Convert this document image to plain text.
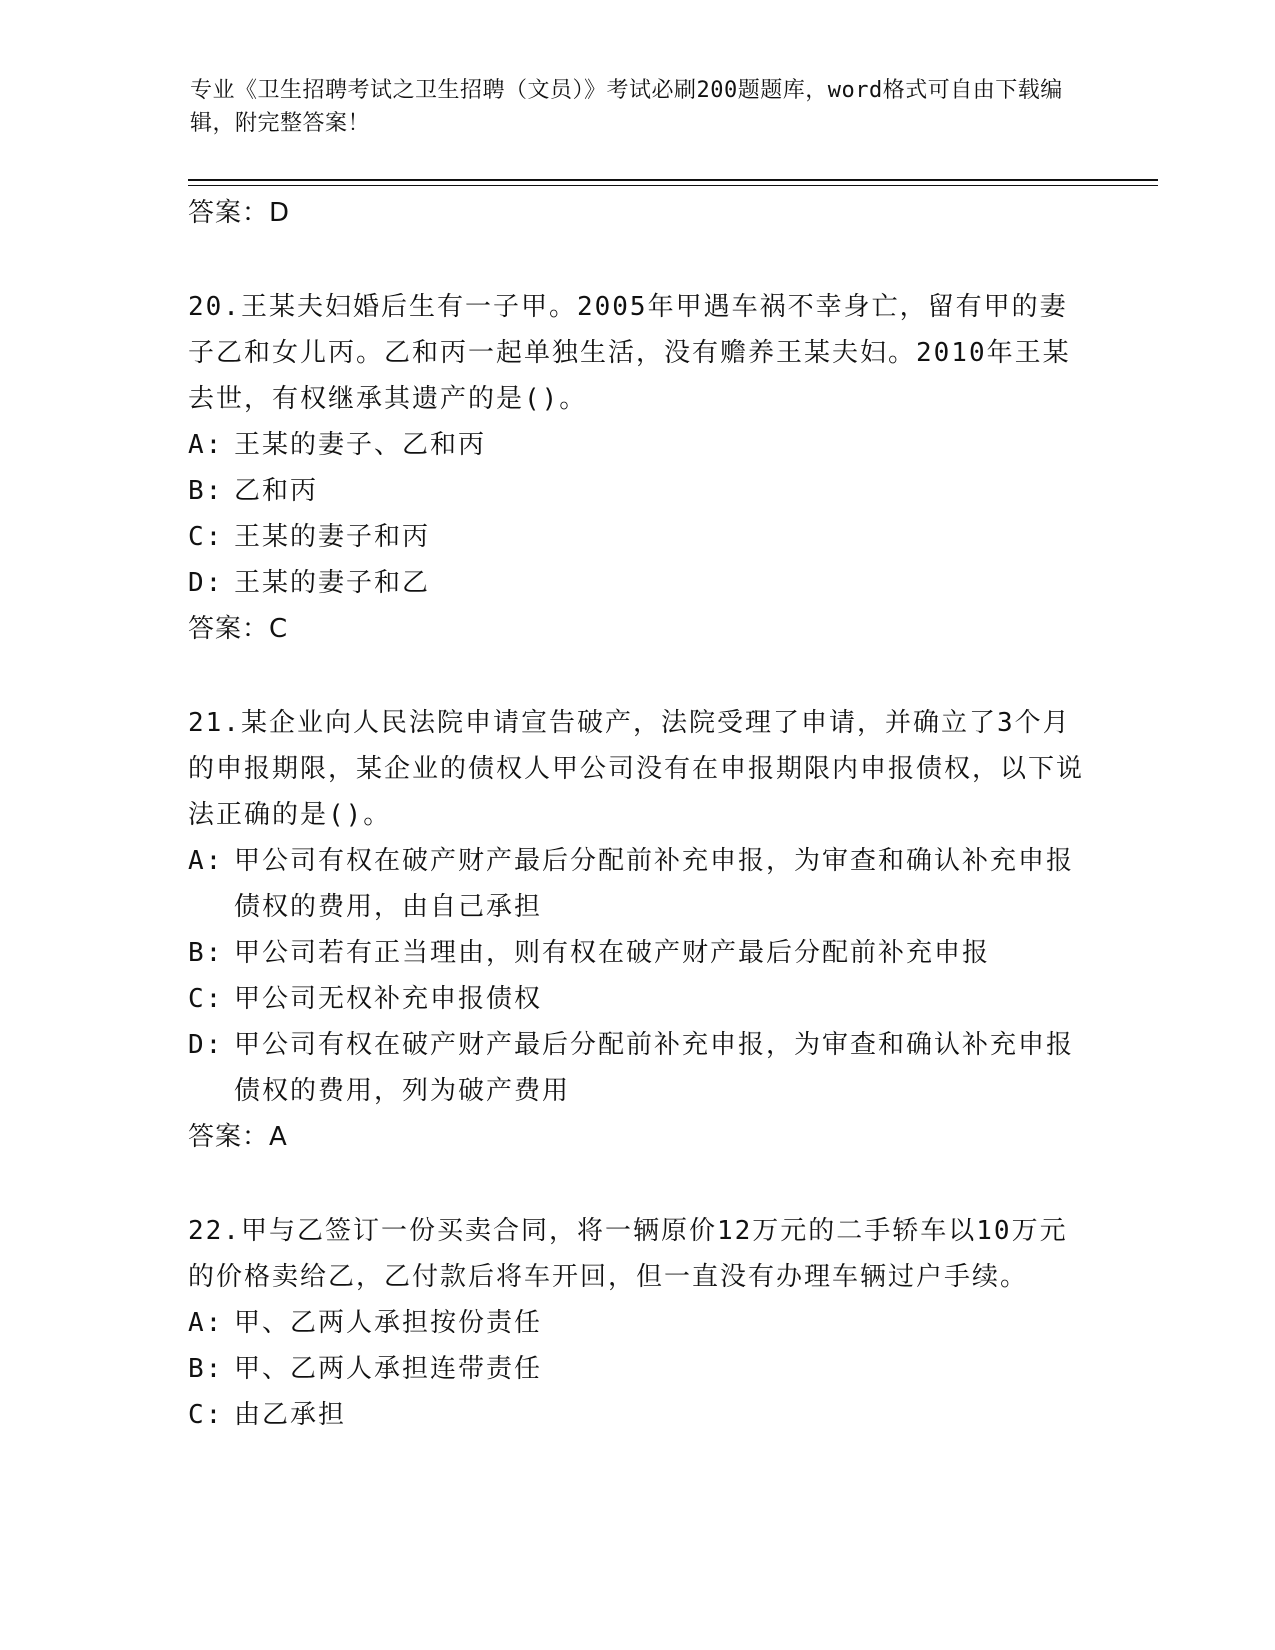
专业《卫生招聘考试之卫生招聘（文员）》考试必刷200题题库，word格式可自由下载编辑，附完整答案！

答案：D

20.王某夫妇婚后生有一子甲。2005年甲遇车祸不幸身亡，留有甲的妻子乙和女儿丙。乙和丙一起单独生活，没有赡养王某夫妇。2010年王某去世，有权继承其遗产的是()。

A: 王某的妻子、乙和丙
B: 乙和丙
C: 王某的妻子和丙
D: 王某的妻子和乙

答案：C

21.某企业向人民法院申请宣告破产，法院受理了申请，并确立了3个月的申报期限，某企业的债权人甲公司没有在申报期限内申报债权，以下说法正确的是()。

A: 甲公司有权在破产财产最后分配前补充申报，为审查和确认补充申报债权的费用，由自己承担
B: 甲公司若有正当理由，则有权在破产财产最后分配前补充申报
C: 甲公司无权补充申报债权
D: 甲公司有权在破产财产最后分配前补充申报，为审查和确认补充申报债权的费用，列为破产费用

答案：A

22.甲与乙签订一份买卖合同，将一辆原价12万元的二手轿车以10万元的价格卖给乙，乙付款后将车开回，但一直没有办理车辆过户手续。

A: 甲、乙两人承担按份责任
B: 甲、乙两人承担连带责任
C: 由乙承担
